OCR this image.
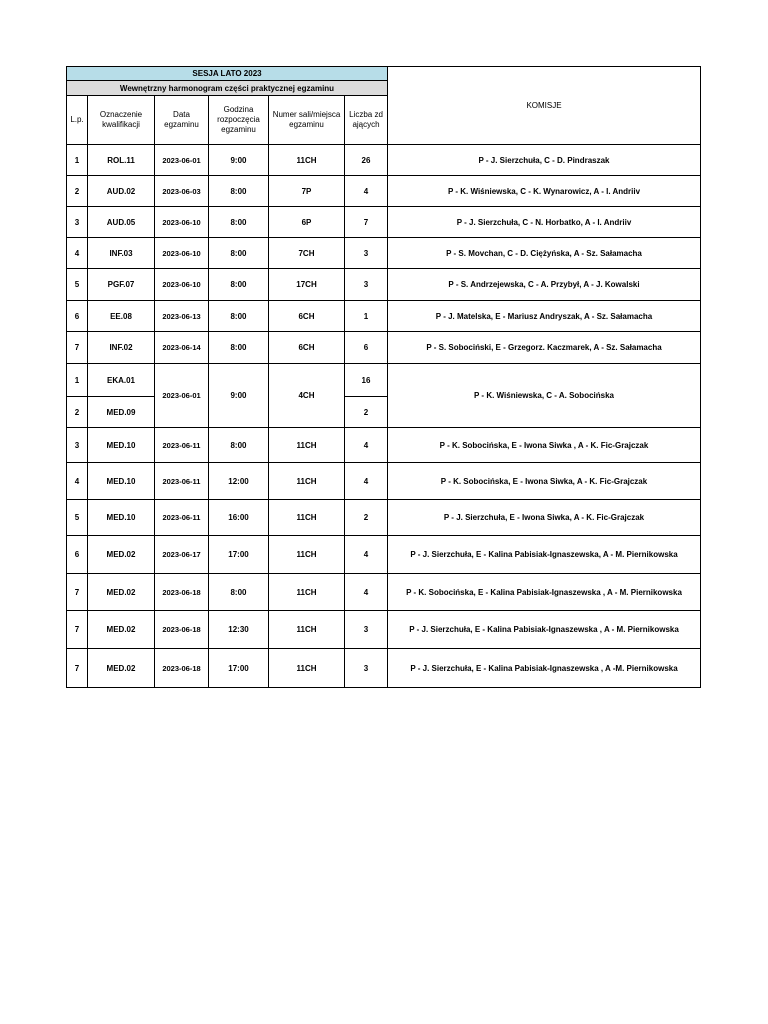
SESJA LATO 2023						KOMISJE
Wewnętrzny harmonogram części praktycznej egzaminu						
L.p.	Oznaczenie kwalifikacji	Data egzaminu	Godzina rozpoczęcia egzaminu	Numer sali/miejsca egzaminu	Liczba zdających	
1	ROL.11	2023-06-01	9:00	11CH	26	P - J. Sierzchuła, C - D. Pindraszak
2	AUD.02	2023-06-03	8:00	7P	4	P - K. Wiśniewska, C - K. Wynarowicz, A - I. Andriiv
3	AUD.05	2023-06-10	8:00	6P	7	P - J. Sierzchuła, C - N. Horbatko, A - I. Andriiv
4	INF.03	2023-06-10	8:00	7CH	3	P - S. Movchan, C - D. Ciężyńska, A - Sz. Sałamacha
5	PGF.07	2023-06-10	8:00	17CH	3	P - S. Andrzejewska, C - A. Przybył, A - J. Kowalski
6	EE.08	2023-06-13	8:00	6CH	1	P - J. Matelska, E - Mariusz Andryszak, A - Sz. Sałamacha
7	INF.02	2023-06-14	8:00	6CH	6	P - S. Sobociński, E - Grzegorz. Kaczmarek, A - Sz. Sałamacha
1	EKA.01	2023-06-01	9:00	4CH	16	P - K. Wiśniewska, C - A. Sobocińska
2	MED.09				2	
3	MED.10	2023-06-11	8:00	11CH	4	P - K. Sobocińska, E - Iwona Siwka , A - K. Fic-Grajczak
4	MED.10	2023-06-11	12:00	11CH	4	P - K. Sobocińska, E - Iwona Siwka, A - K. Fic-Grajczak
5	MED.10	2023-06-11	16:00	11CH	2	P - J. Sierzchuła, E - Iwona Siwka, A - K. Fic-Grajczak
6	MED.02	2023-06-17	17:00	11CH	4	P - J. Sierzchuła, E - Kalina Pabisiak-Ignaszewska, A - M. Piernikowska
7	MED.02	2023-06-18	8:00	11CH	4	P - K. Sobocińska, E - Kalina Pabisiak-Ignaszewska , A - M. Piernikowska
7	MED.02	2023-06-18	12:30	11CH	3	P - J. Sierzchuła, E - Kalina Pabisiak-Ignaszewska , A - M. Piernikowska
7	MED.02	2023-06-18	17:00	11CH	3	P - J. Sierzchuła, E - Kalina Pabisiak-Ignaszewska , A -M. Piernikowska
